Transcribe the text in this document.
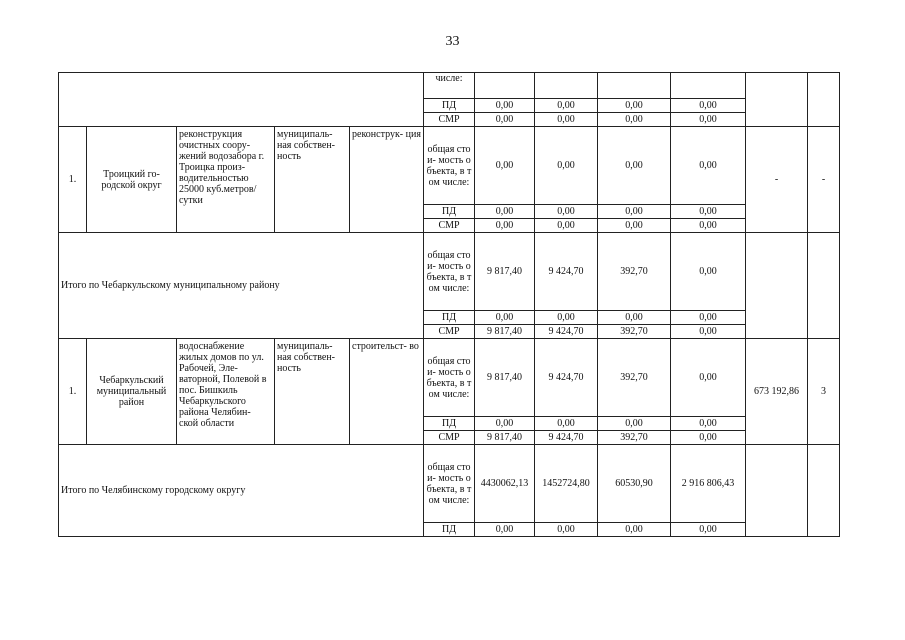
33
					числе:						
					ПД	0,00	0,00	0,00	0,00		
					СМР	0,00	0,00	0,00	0,00		
1.	Троицкий го- родской округ	реконструкция очистных соору- жений водозабора г. Троицка произ- водительностью 25000 куб.метров/сутки	муниципаль- ная собствен- ность	реконструк- ция	общая стои- мость объекта, в том числе:	0,00	0,00	0,00	0,00	-	-
					ПД	0,00	0,00	0,00	0,00		
					СМР	0,00	0,00	0,00	0,00		
Итого по Чебаркульскому муниципальному району					общая стои- мость объекта, в том числе:	9 817,40	9 424,70	392,70	0,00		
					ПД	0,00	0,00	0,00	0,00		
					СМР	9 817,40	9 424,70	392,70	0,00		
1.	Чебаркульский муниципальный район	водоснабжение жилых домов по ул. Рабочей, Эле- ваторной, Полевой в пос. Бишкиль Чебаркульского района Челябин- ской области	муниципаль- ная собствен- ность	строительст- во	общая стои- мость объекта, в том числе:	9 817,40	9 424,70	392,70	0,00	673 192,86	3
					ПД	0,00	0,00	0,00	0,00		
					СМР	9 817,40	9 424,70	392,70	0,00		
Итого по Челябинскому городскому округу					общая стои- мость объекта, в том числе:	4430062,13	1452724,80	60530,90	2 916 806,43		
					ПД	0,00	0,00	0,00	0,00		
